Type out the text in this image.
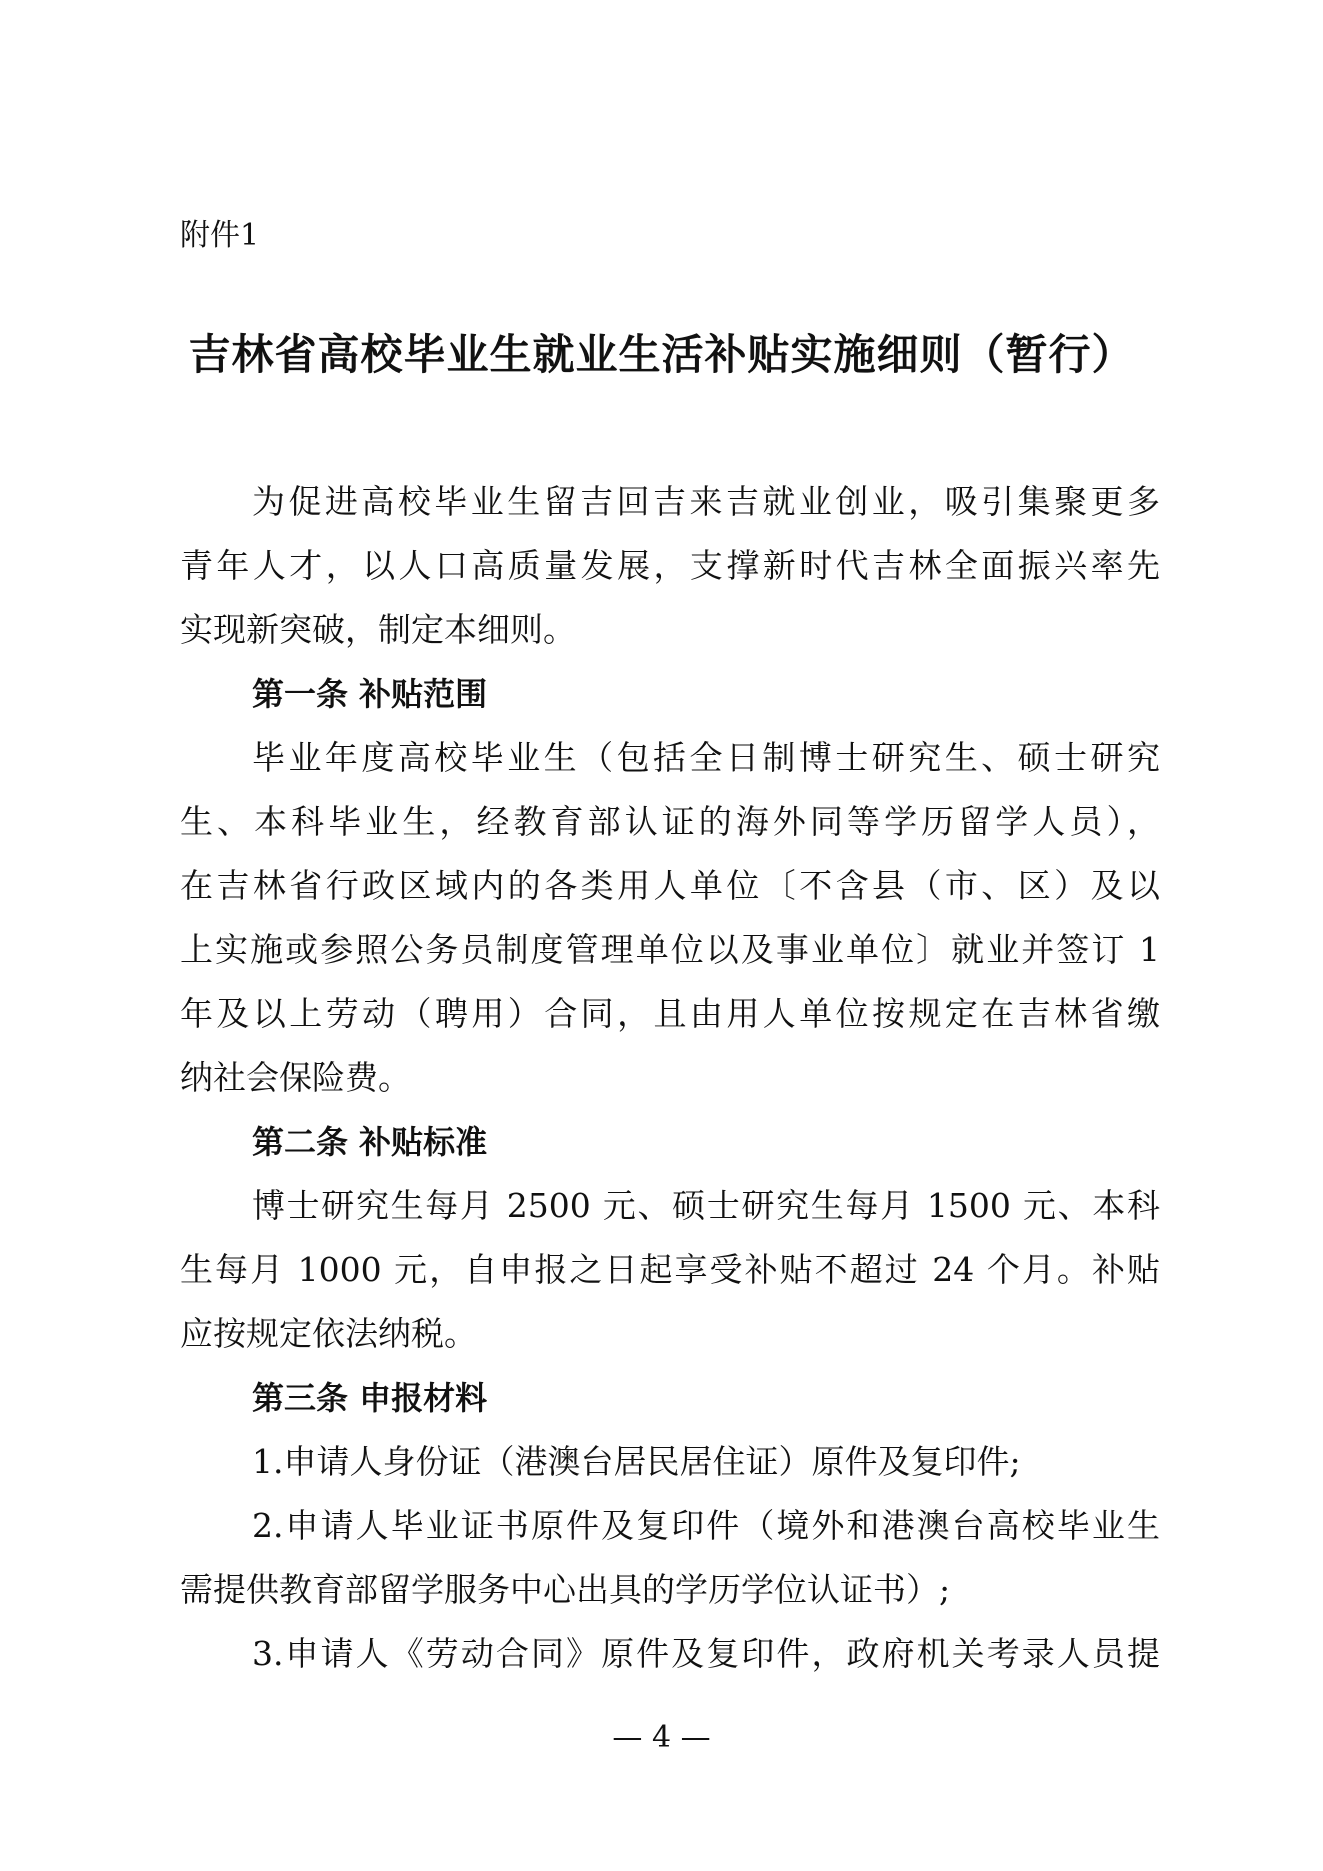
附件1
吉林省高校毕业生就业生活补贴实施细则（暂行）
为促进高校毕业生留吉回吉来吉就业创业，吸引集聚更多
青年人才，以人口高质量发展，支撑新时代吉林全面振兴率先
实现新突破，制定本细则。
第一条 补贴范围
毕业年度高校毕业生（包括全日制博士研究生、硕士研究
生、本科毕业生，经教育部认证的海外同等学历留学人员），
在吉林省行政区域内的各类用人单位〔不含县（市、区）及以
上实施或参照公务员制度管理单位以及事业单位〕就业并签订 1
年及以上劳动（聘用）合同，且由用人单位按规定在吉林省缴
纳社会保险费。
第二条 补贴标准
博士研究生每月 2500 元、硕士研究生每月 1500 元、本科
生每月 1000 元，自申报之日起享受补贴不超过 24 个月。补贴
应按规定依法纳税。
第三条 申报材料
1.申请人身份证（港澳台居民居住证）原件及复印件;
2.申请人毕业证书原件及复印件（境外和港澳台高校毕业生
需提供教育部留学服务中心出具的学历学位认证书）;
3.申请人《劳动合同》原件及复印件，政府机关考录人员提
— 4 —
